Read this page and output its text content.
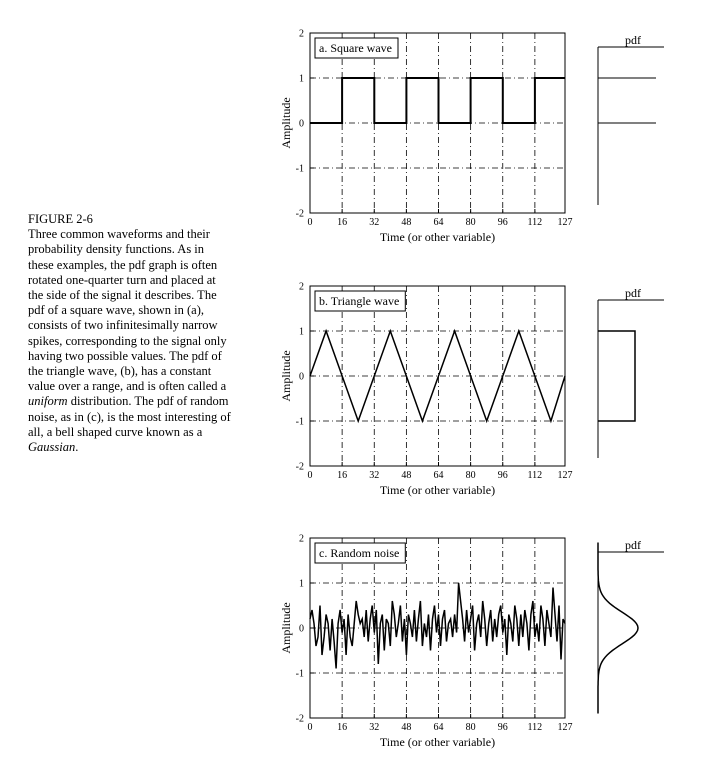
FIGURE 2-6
Three common waveforms and their
probability density functions. As in
these examples, the pdf graph is often
rotated one-quarter turn and placed at
the side of the signal it describes. The
pdf of a square wave, shown in (a),
consists of two infinitesimally narrow
spikes, corresponding to the signal only
having two possible values. The pdf of
the triangle wave, (b), has a constant
value over a range, and is often called a
uniform distribution. The pdf of random
noise, as in (c), is the most interesting of
all, a bell shaped curve known as a
Gaussian.
0 16 32 48 64 80 96 112 127
2
1
0
-1
-2
Time (or other variable)
Amplitude
a. Square wave
pdf
0 16 32 48 64 80 96 112 127
2
1
0
-1
-2
Time (or other variable)
Amplitude
b. Triangle wave
pdf
0 16 32 48 64 80 96 112 127
2
1
0
-1
-2
Time (or other variable)
Amplitude
c. Random noise
pdf
